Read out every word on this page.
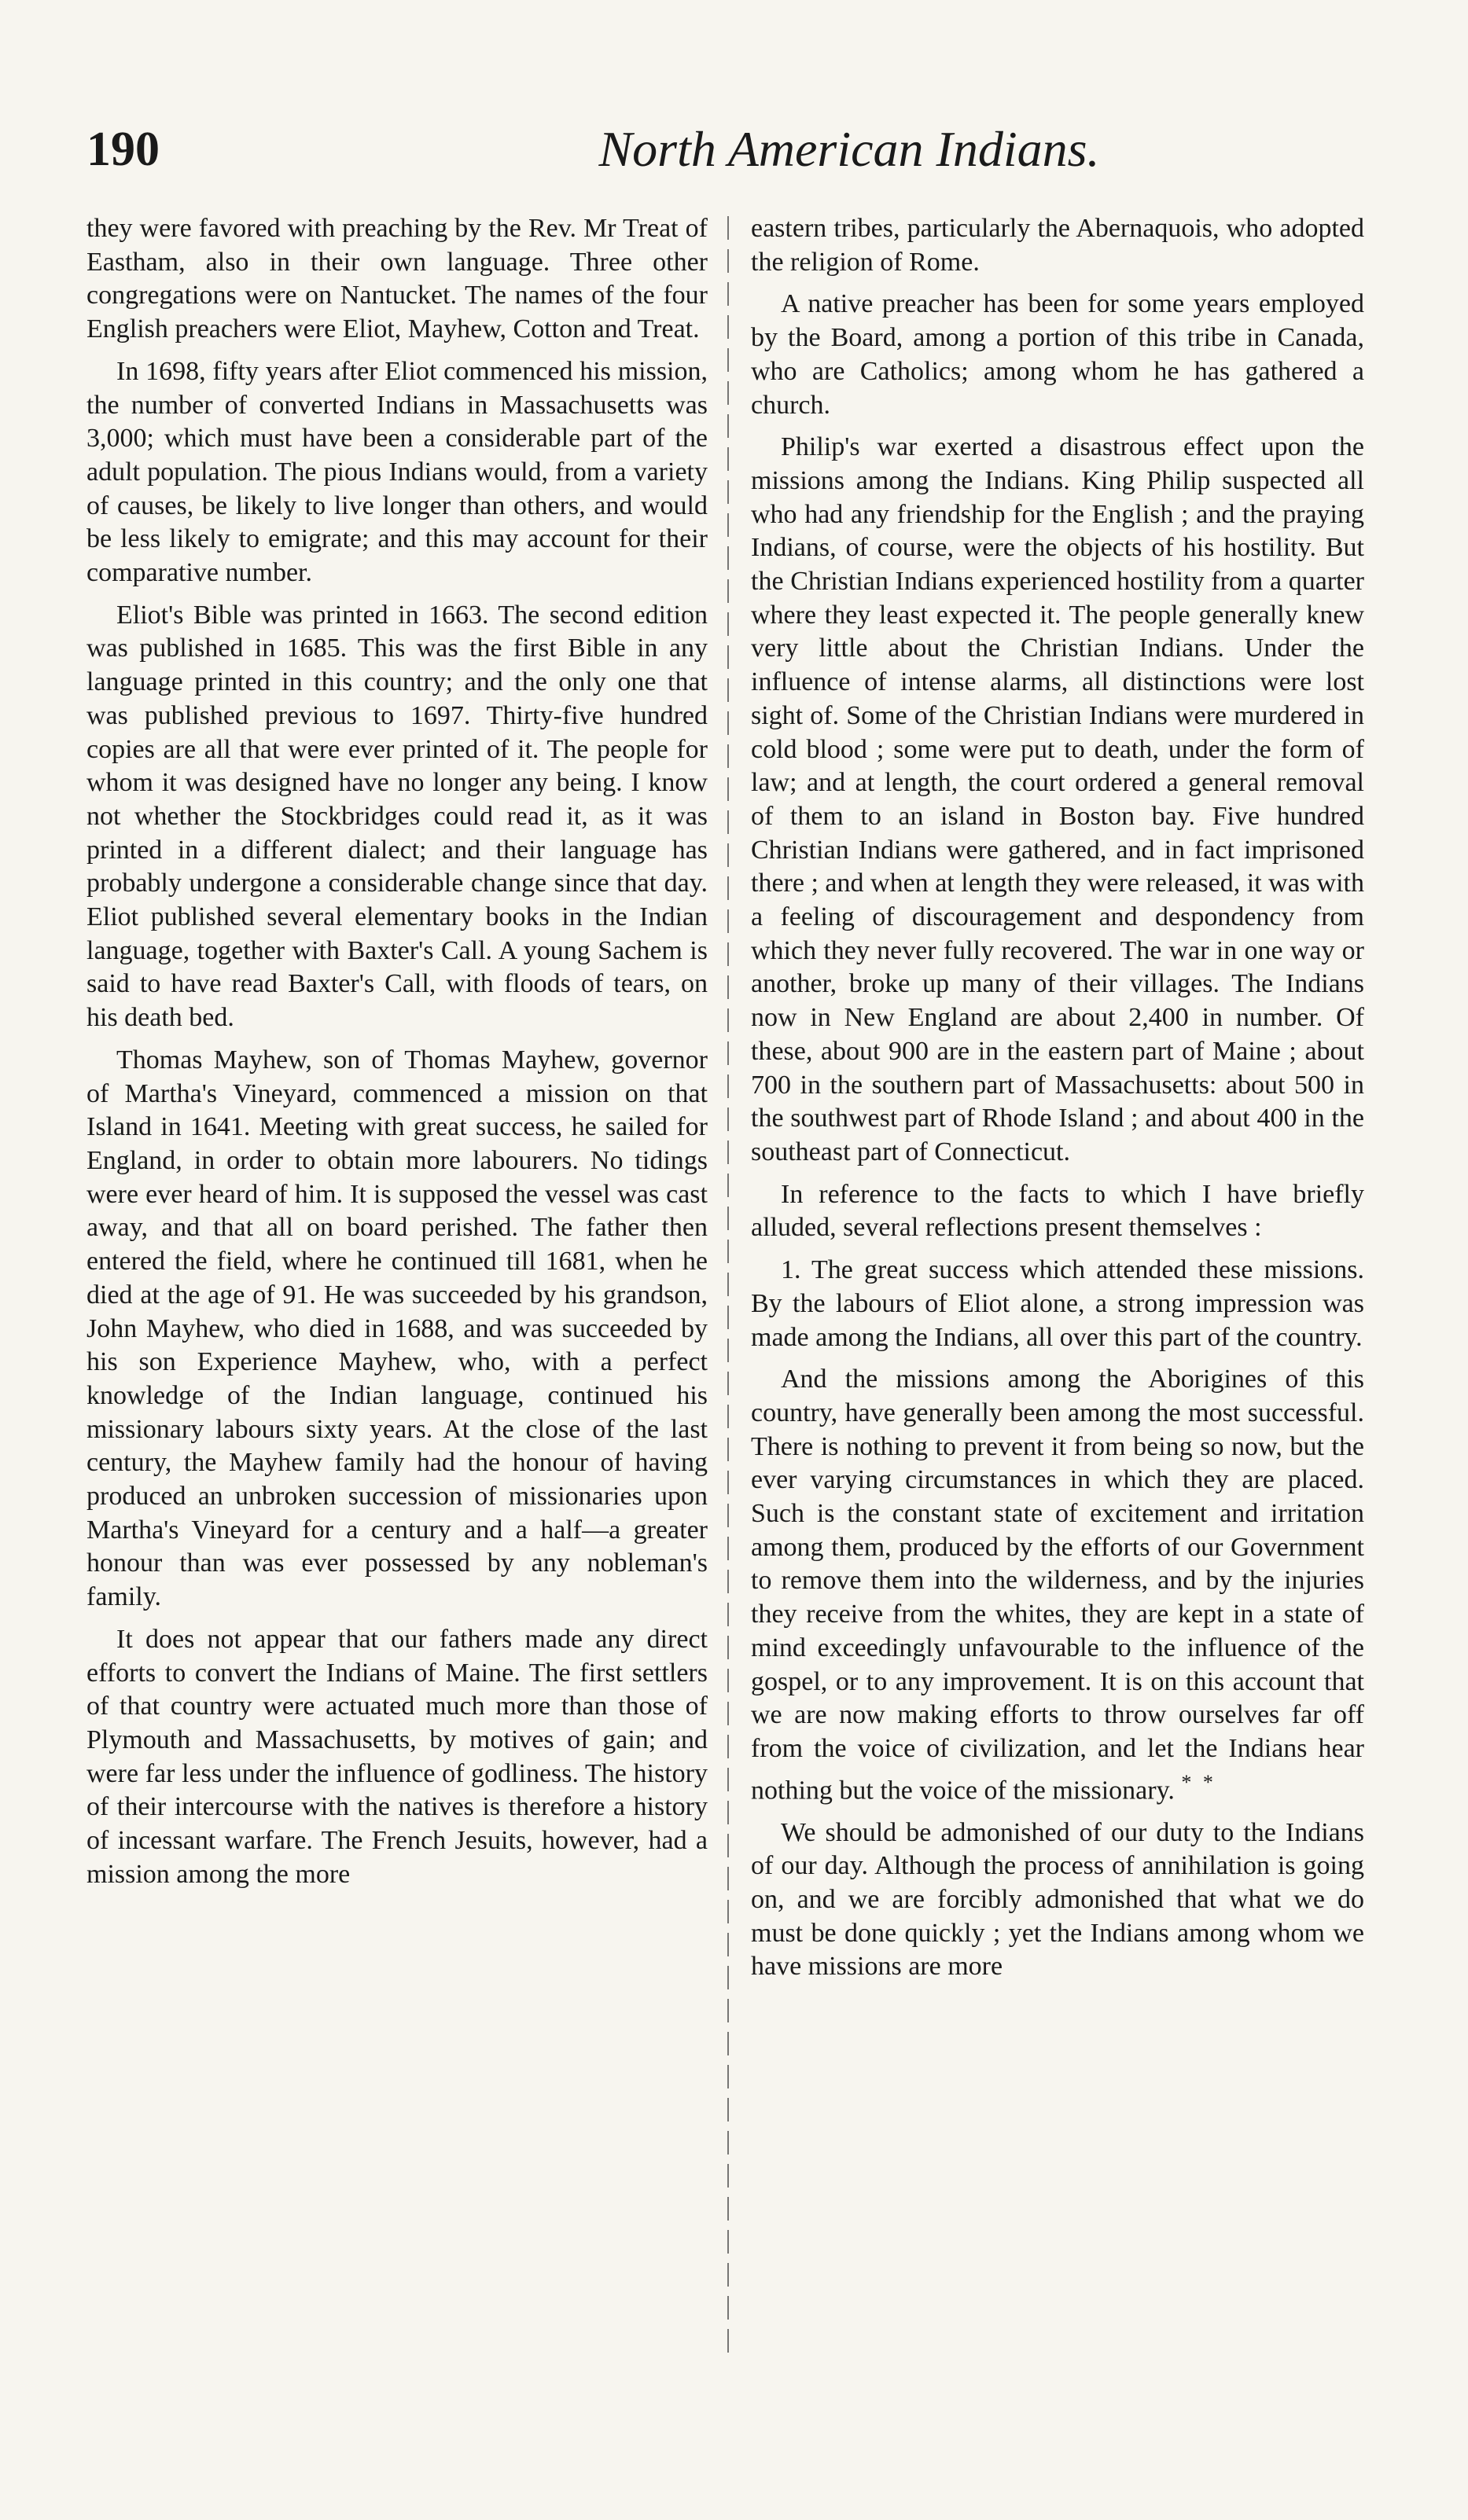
190	North American Indians.

they were favored with preaching by the Rev. Mr Treat of Eastham, also in their own language. Three other congregations were on Nantucket. The names of the four English preachers were Eliot, Mayhew, Cotton and Treat.

In 1698, fifty years after Eliot commenced his mission, the number of converted Indians in Massachusetts was 3,000; which must have been a considerable part of the adult population. The pious Indians would, from a variety of causes, be likely to live longer than others, and would be less likely to emigrate; and this may account for their comparative number.

Eliot's Bible was printed in 1663. The second edition was published in 1685. This was the first Bible in any language printed in this country; and the only one that was published previous to 1697. Thirty-five hundred copies are all that were ever printed of it. The people for whom it was designed have no longer any being. I know not whether the Stockbridges could read it, as it was printed in a different dialect; and their language has probably undergone a considerable change since that day. Eliot published several elementary books in the Indian language, together with Baxter's Call. A young Sachem is said to have read Baxter's Call, with floods of tears, on his death bed.

Thomas Mayhew, son of Thomas Mayhew, governor of Martha's Vineyard, commenced a mission on that Island in 1641. Meeting with great success, he sailed for England, in order to obtain more labourers. No tidings were ever heard of him. It is supposed the vessel was cast away, and that all on board perished. The father then entered the field, where he continued till 1681, when he died at the age of 91. He was succeeded by his grandson, John Mayhew, who died in 1688, and was succeeded by his son Experience Mayhew, who, with a perfect knowledge of the Indian language, continued his missionary labours sixty years. At the close of the last century, the Mayhew family had the honour of having produced an unbroken succession of missionaries upon Martha's Vineyard for a century and a half—a greater honour than was ever possessed by any nobleman's family.

It does not appear that our fathers made any direct efforts to convert the Indians of Maine. The first settlers of that country were actuated much more than those of Plymouth and Massachusetts, by motives of gain; and were far less under the influence of godliness. The history of their intercourse with the natives is therefore a history of incessant warfare. The French Jesuits, however, had a mission among the more

eastern tribes, particularly the Abernaquois, who adopted the religion of Rome.

A native preacher has been for some years employed by the Board, among a portion of this tribe in Canada, who are Catholics; among whom he has gathered a church.

Philip's war exerted a disastrous effect upon the missions among the Indians. King Philip suspected all who had any friendship for the English ; and the praying Indians, of course, were the objects of his hostility. But the Christian Indians experienced hostility from a quarter where they least expected it. The people generally knew very little about the Christian Indians. Under the influence of intense alarms, all distinctions were lost sight of. Some of the Christian Indians were murdered in cold blood ; some were put to death, under the form of law; and at length, the court ordered a general removal of them to an island in Boston bay. Five hundred Christian Indians were gathered, and in fact imprisoned there ; and when at length they were released, it was with a feeling of discouragement and despondency from which they never fully recovered. The war in one way or another, broke up many of their villages. The Indians now in New England are about 2,400 in number. Of these, about 900 are in the eastern part of Maine ; about 700 in the southern part of Massachusetts: about 500 in the southwest part of Rhode Island ; and about 400 in the southeast part of Connecticut.

In reference to the facts to which I have briefly alluded, several reflections present themselves :

1. The great success which attended these missions. By the labours of Eliot alone, a strong impression was made among the Indians, all over this part of the country.

And the missions among the Aborigines of this country, have generally been among the most successful. There is nothing to prevent it from being so now, but the ever varying circumstances in which they are placed. Such is the constant state of excitement and irritation among them, produced by the efforts of our Government to remove them into the wilderness, and by the injuries they receive from the whites, they are kept in a state of mind exceedingly unfavourable to the influence of the gospel, or to any improvement. It is on this account that we are now making efforts to throw ourselves far off from the voice of civilization, and let the Indians hear nothing but the voice of the missionary. * *

We should be admonished of our duty to the Indians of our day. Although the process of annihilation is going on, and we are forcibly admonished that what we do must be done quickly ; yet the Indians among whom we have missions are more
